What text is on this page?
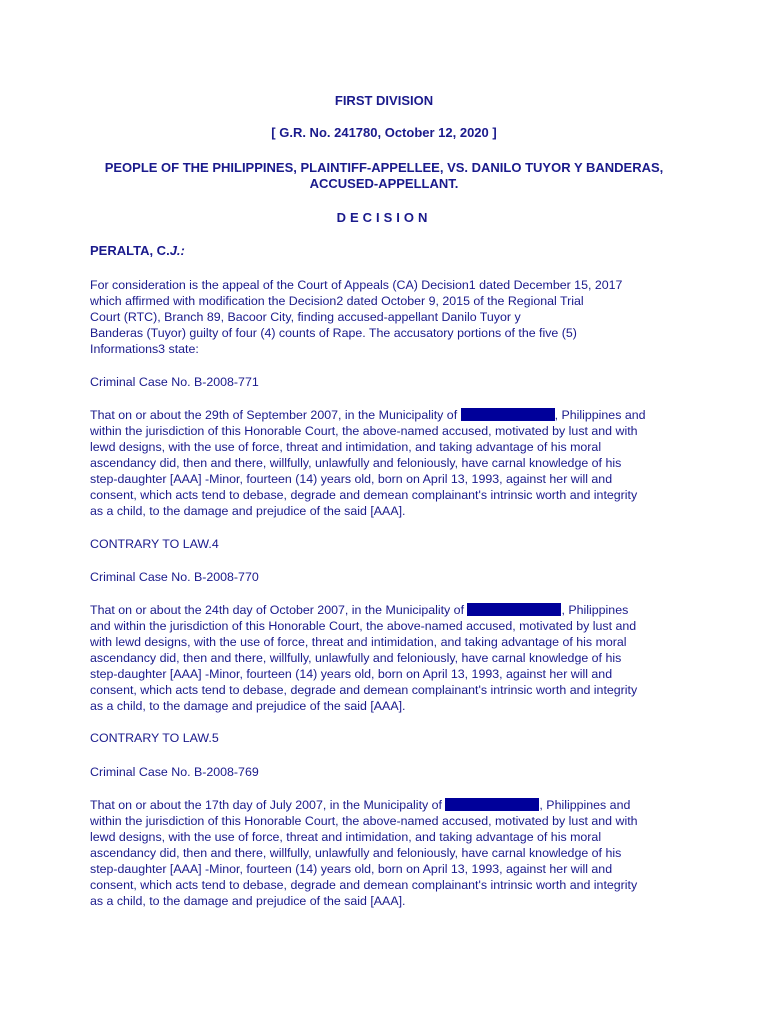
FIRST DIVISION
[ G.R. No. 241780, October 12, 2020 ]
PEOPLE OF THE PHILIPPINES, PLAINTIFF-APPELLEE, VS. DANILO TUYOR Y BANDERAS,
ACCUSED-APPELLANT.
DECISION
PERALTA, C.J.:
For consideration is the appeal of the Court of Appeals (CA) Decision1 dated December 15, 2017
which affirmed with modification the Decision2 dated October 9, 2015 of the Regional Trial
Court (RTC), Branch 89, Bacoor City, finding accused-appellant Danilo Tuyor y
Banderas (Tuyor) guilty of four (4) counts of Rape. The accusatory portions of the five (5)
Informations3 state:
Criminal Case No. B-2008-771
That on or about the 29th of September 2007, in the Municipality of	, Philippines and
within the jurisdiction of this Honorable Court, the above-named accused, motivated by lust and with
lewd designs, with the use of force, threat and intimidation, and taking advantage of his moral
ascendancy did, then and there, willfully, unlawfully and feloniously, have carnal knowledge of his
step-daughter [AAA] -Minor, fourteen (14) years old, born on April 13, 1993, against her will and
consent, which acts tend to debase, degrade and demean complainant's intrinsic worth and integrity
as a child, to the damage and prejudice of the said [AAA].
CONTRARY TO LAW.4
Criminal Case No. B-2008-770
That on or about the 24th day of October 2007, in the Municipality of	, Philippines
and within the jurisdiction of this Honorable Court, the above-named accused, motivated by lust and
with lewd designs, with the use of force, threat and intimidation, and taking advantage of his moral
ascendancy did, then and there, willfully, unlawfully and feloniously, have carnal knowledge of his
step-daughter [AAA] -Minor, fourteen (14) years old, born on April 13, 1993, against her will and
consent, which acts tend to debase, degrade and demean complainant's intrinsic worth and integrity
as a child, to the damage and prejudice of the said [AAA].
CONTRARY TO LAW.5
Criminal Case No. B-2008-769
That on or about the 17th day of July 2007, in the Municipality of	, Philippines and
within the jurisdiction of this Honorable Court, the above-named accused, motivated by lust and with
lewd designs, with the use of force, threat and intimidation, and taking advantage of his moral
ascendancy did, then and there, willfully, unlawfully and feloniously, have carnal knowledge of his
step-daughter [AAA] -Minor, fourteen (14) years old, born on April 13, 1993, against her will and
consent, which acts tend to debase, degrade and demean complainant's intrinsic worth and integrity
as a child, to the damage and prejudice of the said [AAA].
